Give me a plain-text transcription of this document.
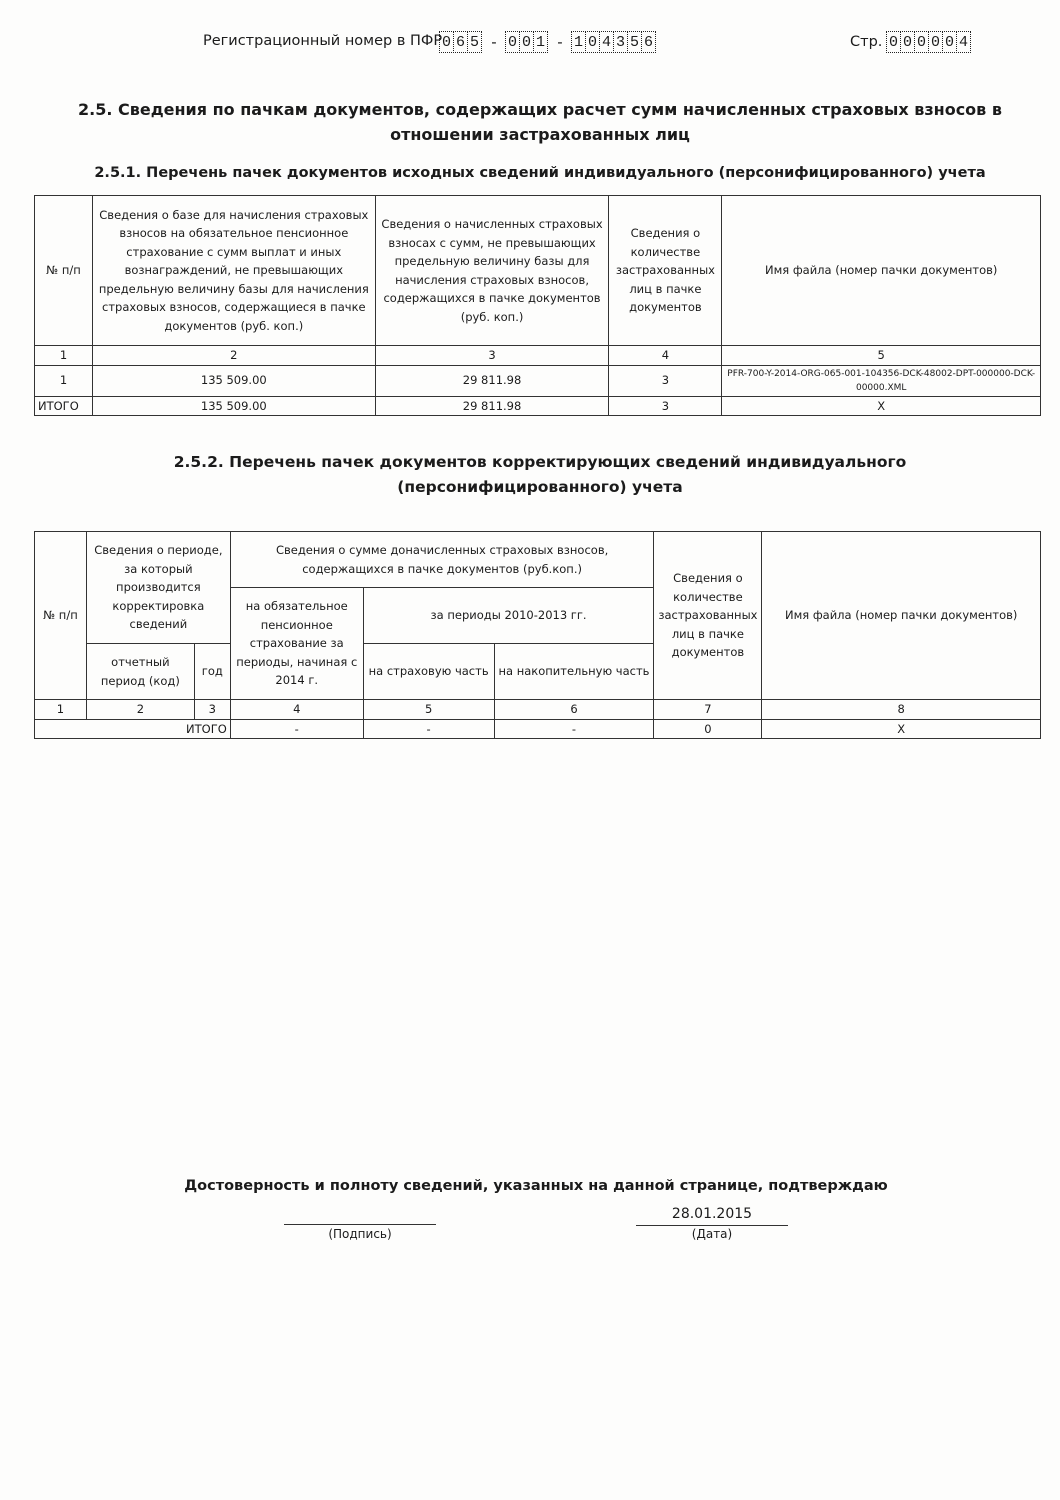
Регистрационный номер в ПФР 0 6 5 - 0 0 1 - 1 0 4 3 5 6	Стр. 0 0 0 0 0 4
2.5. Сведения по пачкам документов, содержащих расчет сумм начисленных страховых взносов в отношении застрахованных лиц
2.5.1. Перечень пачек документов исходных сведений индивидуального (персонифицированного) учета
№ п/п	Сведения о базе для начисления страховых взносов на обязательное пенсионное страхование с сумм выплат и иных вознаграждений, не превышающих предельную величину базы для начисления страховых взносов, содержащиеся в пачке документов (руб. коп.)	Сведения о начисленных страховых взносах с сумм, не превышающих предельную величину базы для начисления страховых взносов, содержащихся в пачке документов (руб. коп.)	Сведения о количестве застрахованных лиц в пачке документов	Имя файла (номер пачки документов)
1	2	3	4	5
1	135 509.00	29 811.98	3	PFR-700-Y-2014-ORG-065-001-104356-DCK-48002-DPT-000000-DCK-00000.XML
ИТОГО	135 509.00	29 811.98	3	X
2.5.2. Перечень пачек документов корректирующих сведений индивидуального (персонифицированного) учета
№ п/п	Сведения о периоде, за который производится корректировка сведений		Сведения о сумме доначисленных страховых взносов, содержащихся в пачке документов (руб.коп.)			Сведения о количестве застрахованных лиц в пачке документов	Имя файла (номер пачки документов)
			на обязательное пенсионное страхование за периоды, начиная с 2014 г.	за периоды 2010-2013 гг.			
	отчетный период (код)	год		на страховую часть	на накопительную часть		
1	2	3	4	5	6	7	8
ИТОГО			-	-	-	0	X
Достоверность и полноту сведений, указанных на данной странице, подтверждаю
(Подпись)
28.01.2015
(Дата)
